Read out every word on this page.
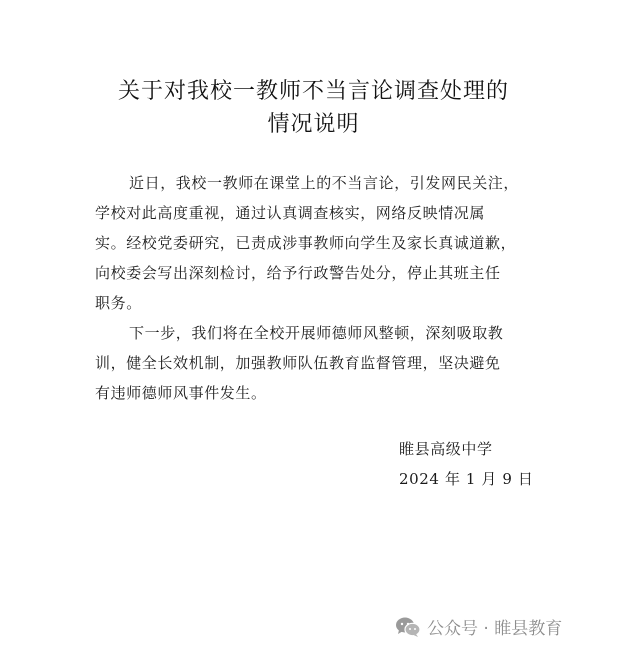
关于对我校一教师不当言论调查处理的
情况说明
近日，我校一教师在课堂上的不当言论，引发网民关注，
学校对此高度重视，通过认真调查核实，网络反映情况属
实。经校党委研究，已责成涉事教师向学生及家长真诚道歉，
向校委会写出深刻检讨，给予行政警告处分，停止其班主任
职务。
下一步，我们将在全校开展师德师风整顿，深刻吸取教
训，健全长效机制，加强教师队伍教育监督管理，坚决避免
有违师德师风事件发生。
睢县高级中学
2024 年 1 月 9 日
公众号 · 睢县教育
